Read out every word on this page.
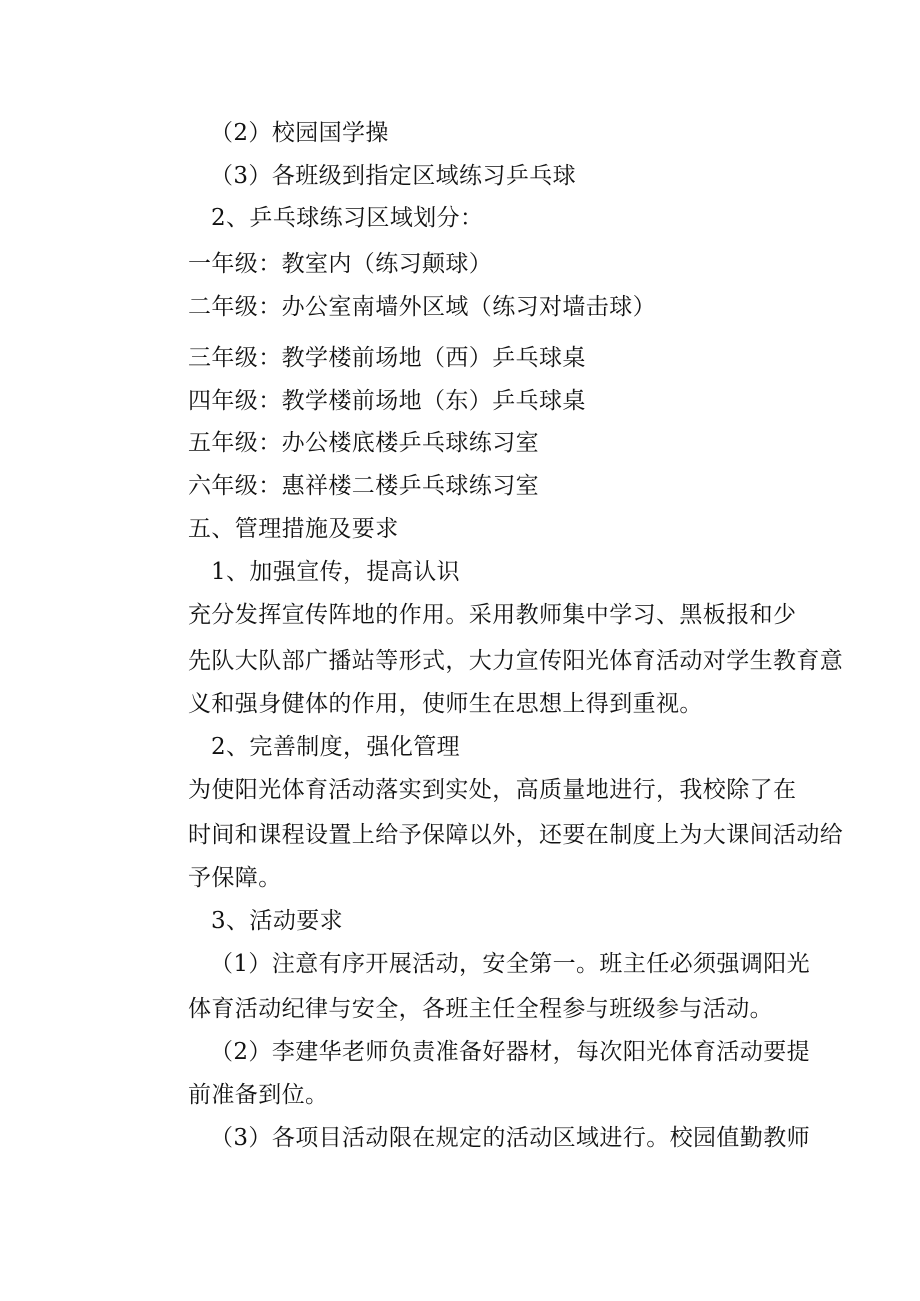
（2）校园国学操
（3）各班级到指定区域练习乒乓球
2、乒乓球练习区域划分：
一年级：教室内（练习颠球）
二年级：办公室南墙外区域（练习对墙击球）
三年级：教学楼前场地（西）乒乓球桌
四年级：教学楼前场地（东）乒乓球桌
五年级：办公楼底楼乒乓球练习室
六年级：惠祥楼二楼乒乓球练习室
五、管理措施及要求
1、加强宣传，提高认识
充分发挥宣传阵地的作用。采用教师集中学习、黑板报和少
先队大队部广播站等形式，大力宣传阳光体育活动对学生教育意
义和强身健体的作用，使师生在思想上得到重视。
2、完善制度，强化管理
为使阳光体育活动落实到实处，高质量地进行，我校除了在
时间和课程设置上给予保障以外，还要在制度上为大课间活动给
予保障。
3、活动要求
（1）注意有序开展活动，安全第一。班主任必须强调阳光
体育活动纪律与安全，各班主任全程参与班级参与活动。
（2）李建华老师负责准备好器材，每次阳光体育活动要提
前准备到位。
（3）各项目活动限在规定的活动区域进行。校园值勤教师
